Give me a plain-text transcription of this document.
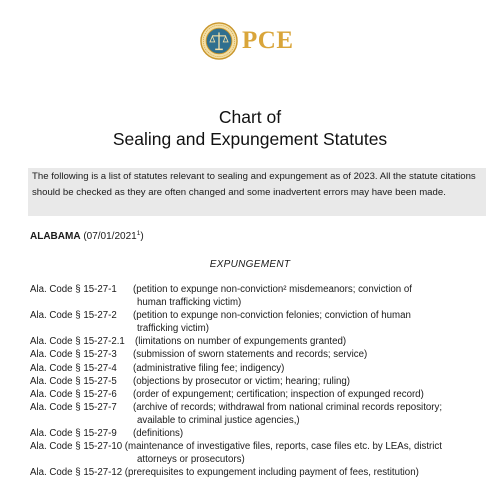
PCE
Chart of
Sealing and Expungement Statutes
The following is a list of statutes relevant to sealing and expungement as of 2023. All the statute citations should be checked as they are often changed and some inadvertent errors may have been made.
ALABAMA (07/01/2021$^1$)
EXPUNGEMENT
Ala. Code § 15-27-1	(petition to expunge non-conviction² misdemeanors; conviction of
human trafficking victim)
Ala. Code § 15-27-2	(petition to expunge non-conviction felonies; conviction of human
trafficking victim)
Ala. Code § 15-27-2.1	(limitations on number of expungements granted)
Ala. Code § 15-27-3	(submission of sworn statements and records; service)
Ala. Code § 15-27-4	(administrative filing fee; indigency)
Ala. Code § 15-27-5	(objections by prosecutor or victim; hearing; ruling)
Ala. Code § 15-27-6	(order of expungement; certification; inspection of expunged record)
Ala. Code § 15-27-7	(archive of records; withdrawal from national criminal records repository;
available to criminal justice agencies,)
Ala. Code § 15-27-9	(definitions)
Ala. Code § 15-27-10 (maintenance of investigative files, reports, case files etc. by LEAs, district
attorneys or prosecutors)
Ala. Code § 15-27-12 (prerequisites to expungement including payment of fees, restitution)
